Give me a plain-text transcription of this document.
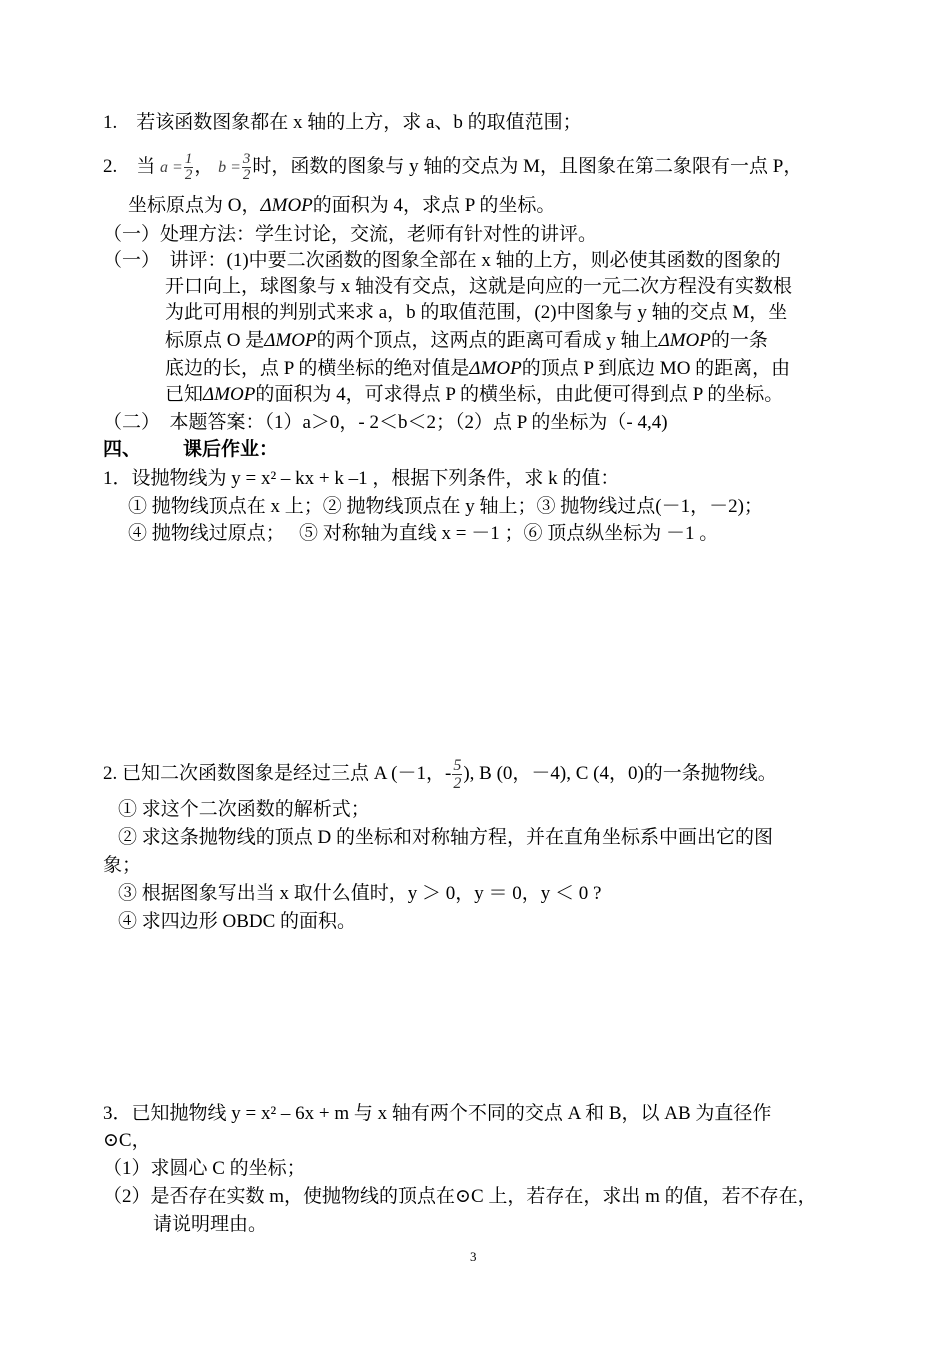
1.　若该函数图象都在 x 轴的上方，求 a、b 的取值范围；
2.　当 $a = \frac{1}{2}$ ， $b = \frac{3}{2}$ 时，函数的图象与 y 轴的交点为 M，且图象在第二象限有一点 P，
坐标原点为 O，ΔMOP的面积为 4，求点 P 的坐标。
（一）处理方法：学生讨论，交流，老师有针对性的讲评。
（一）　讲评：(1)中要二次函数的图象全部在 x 轴的上方，则必使其函数的图象的
开口向上，球图象与 x 轴没有交点，这就是向应的一元二次方程没有实数根
为此可用根的判别式来求 a，b 的取值范围，(2)中图象与 y 轴的交点 M，坐
标原点 O 是ΔMOP的两个顶点，这两点的距离可看成 y 轴上ΔMOP的一条
底边的长，点 P 的横坐标的绝对值是ΔMOP的顶点 P 到底边 MO 的距离，由
已知ΔMOP的面积为 4，可求得点 P 的横坐标，由此便可得到点 P 的坐标。
（二）　本题答案：（1）a＞0，- 2＜b＜2；（2）点 P 的坐标为（- 4,4)
四、 课后作业：
1．设抛物线为 y = x² – kx + k –1 ，根据下列条件，求 k 的值：
① 抛物线顶点在 x 上；② 抛物线顶点在 y 轴上；③ 抛物线过点(－1，－2)；
④ 抛物线过原点；　 ⑤ 对称轴为直线 x = －1 ；⑥ 顶点纵坐标为 －1 。
2. 已知二次函数图象是经过三点 A (－1，- $\frac{5}{2}$ ), B (0，－4), C (4，0)的一条抛物线。
① 求这个二次函数的解析式；
② 求这条抛物线的顶点 D 的坐标和对称轴方程，并在直角坐标系中画出它的图
象；
③ 根据图象写出当 x 取什么值时，y ＞ 0，y ＝ 0，y ＜ 0 ?
④ 求四边形 OBDC 的面积。
3．已知抛物线 y = x² – 6x + m 与 x 轴有两个不同的交点 A 和 B，以 AB 为直径作
⊙C，
（1）求圆心 C 的坐标；
（2）是否存在实数 m，使抛物线的顶点在⊙C 上，若存在，求出 m 的值，若不存在，
请说明理由。
3
